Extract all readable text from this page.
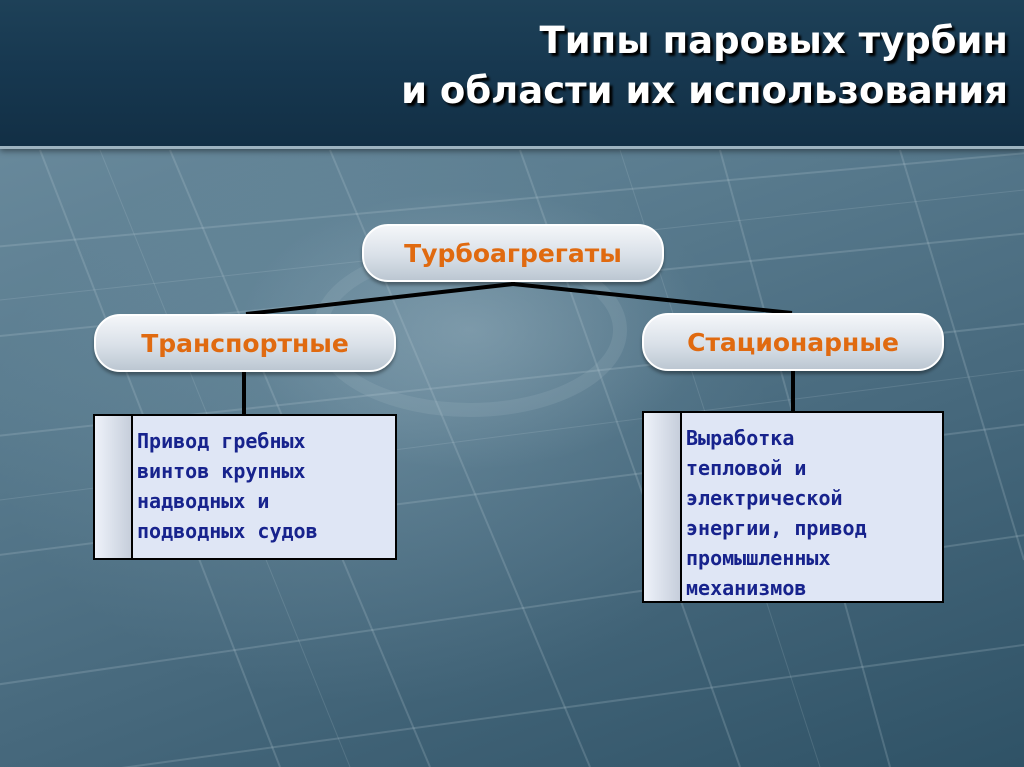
Типы паровых турбин
и области их использования
Турбоагрегаты
Транспортные	Стационарные
Привод гребных
винтов крупных
надводных и
подводных судов
Выработка
тепловой и
электрической
энергии, привод
промышленных
механизмов
